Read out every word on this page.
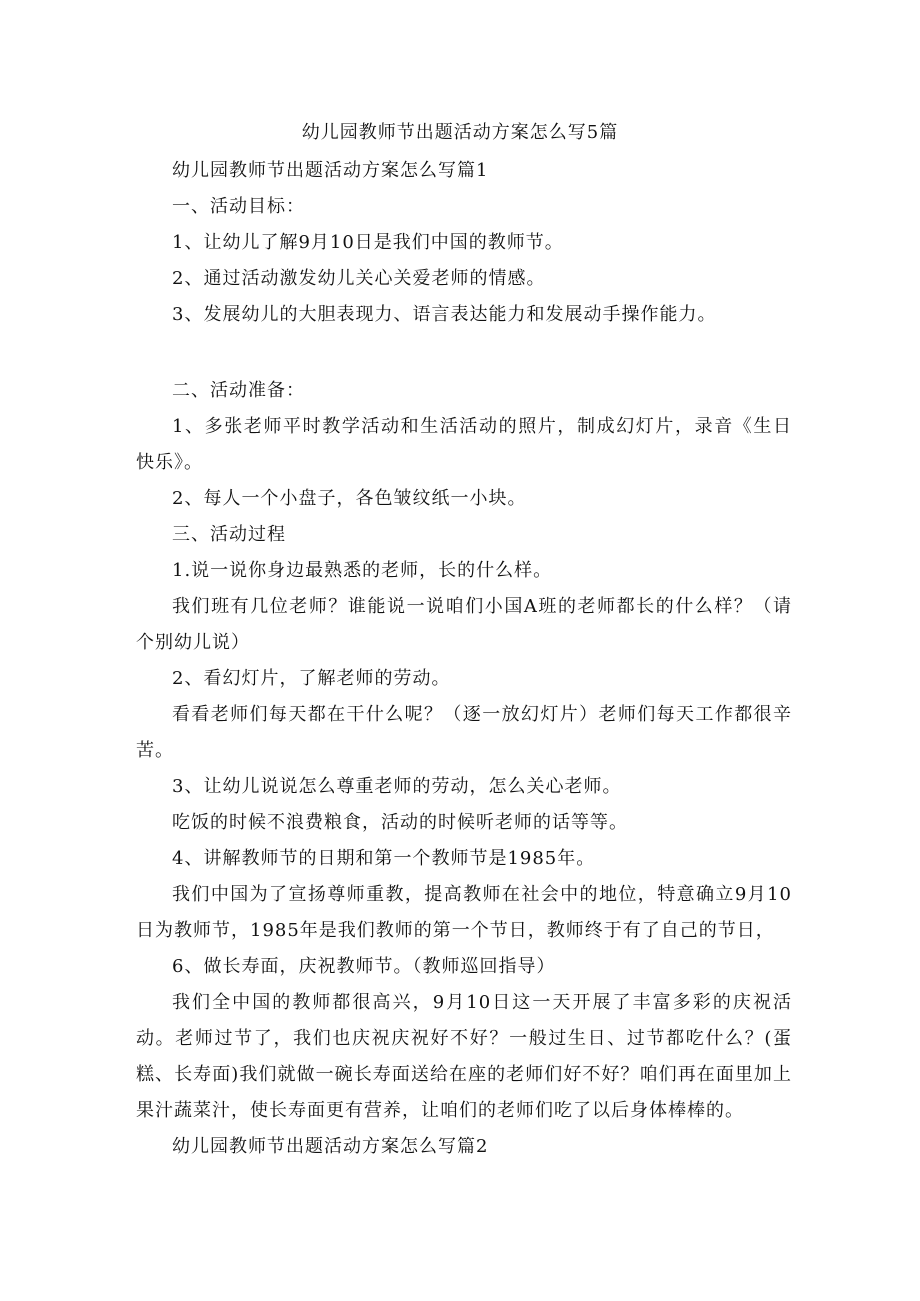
幼儿园教师节出题活动方案怎么写5篇

幼儿园教师节出题活动方案怎么写篇1

一、活动目标：

1、让幼儿了解9月10日是我们中国的教师节。

2、通过活动激发幼儿关心关爱老师的情感。

3、发展幼儿的大胆表现力、语言表达能力和发展动手操作能力。

二、活动准备：

1、多张老师平时教学活动和生活活动的照片，制成幻灯片，录音《生日快乐》。

2、每人一个小盘子，各色皱纹纸一小块。

三、活动过程

1.说一说你身边最熟悉的老师，长的什么样。

我们班有几位老师？谁能说一说咱们小国A班的老师都长的什么样？（请个别幼儿说）

2、看幻灯片，了解老师的劳动。

看看老师们每天都在干什么呢？（逐一放幻灯片）老师们每天工作都很辛苦。

3、让幼儿说说怎么尊重老师的劳动，怎么关心老师。

吃饭的时候不浪费粮食，活动的时候听老师的话等等。

4、讲解教师节的日期和第一个教师节是1985年。

我们中国为了宣扬尊师重教，提高教师在社会中的地位，特意确立9月10日为教师节，1985年是我们教师的第一个节日，教师终于有了自己的节日，

6、做长寿面，庆祝教师节。（教师巡回指导）

我们全中国的教师都很高兴，9月10日这一天开展了丰富多彩的庆祝活动。老师过节了，我们也庆祝庆祝好不好？一般过生日、过节都吃什么？(蛋糕、长寿面)我们就做一碗长寿面送给在座的老师们好不好？咱们再在面里加上果汁蔬菜汁，使长寿面更有营养，让咱们的老师们吃了以后身体棒棒的。

幼儿园教师节出题活动方案怎么写篇2
